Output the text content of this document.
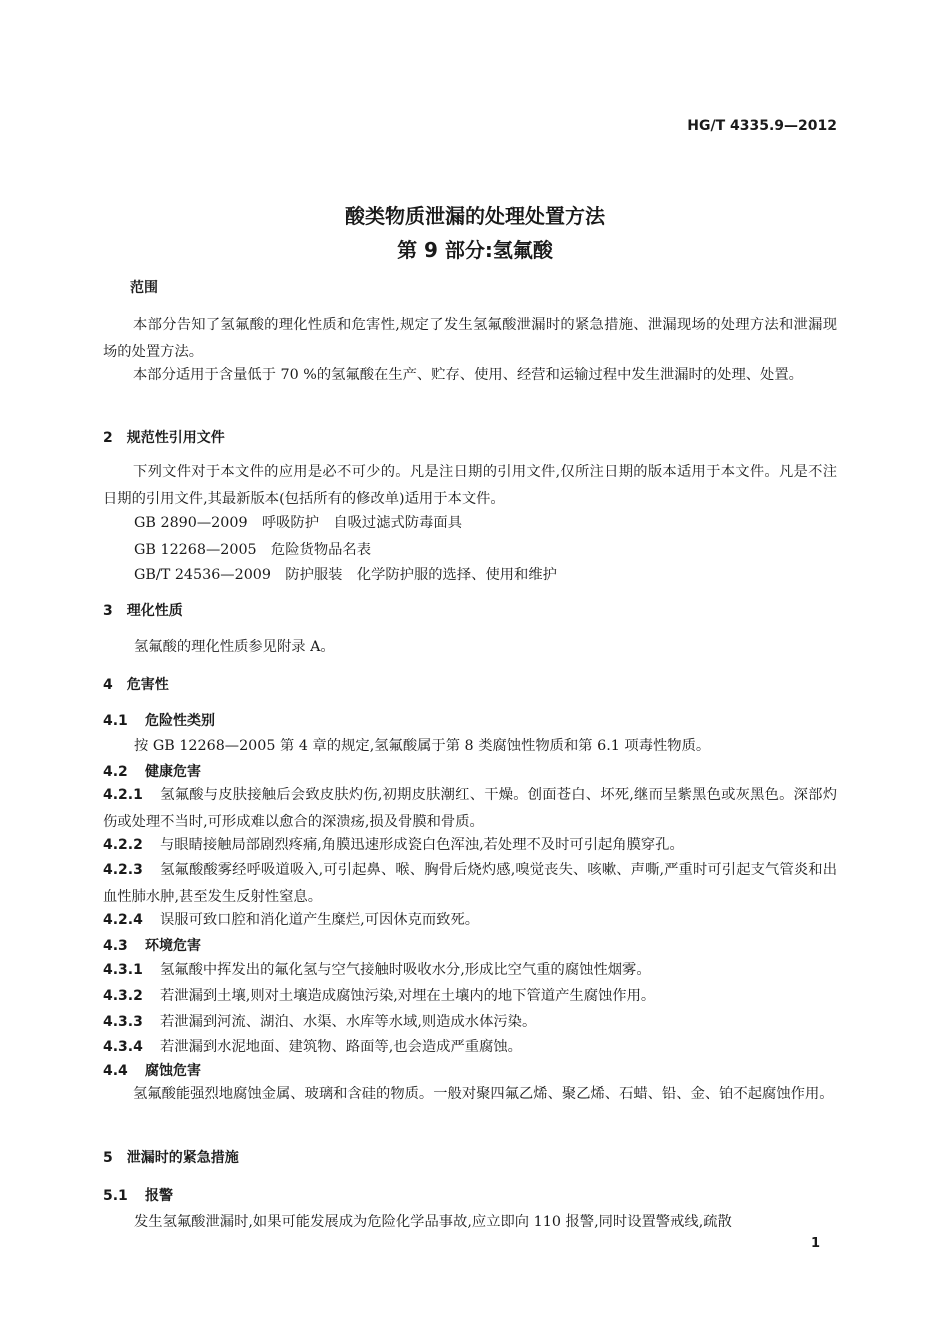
HG/T 4335.9—2012
酸类物质泄漏的处理处置方法
第 9 部分:氢氟酸
范围
本部分告知了氢氟酸的理化性质和危害性,规定了发生氢氟酸泄漏时的紧急措施、泄漏现场的处理方法和泄漏现场的处置方法。
本部分适用于含量低于 70 %的氢氟酸在生产、贮存、使用、经营和运输过程中发生泄漏时的处理、处置。
2　 规范性引用文件
下列文件对于本文件的应用是必不可少的。凡是注日期的引用文件,仅所注日期的版本适用于本文件。凡是不注日期的引用文件,其最新版本(包括所有的修改单)适用于本文件。
GB 2890—2009　呼吸防护　自吸过滤式防毒面具
GB 12268—2005　危险货物品名表
GB/T 24536—2009　防护服装　化学防护服的选择、使用和维护
3　 理化性质
氢氟酸的理化性质参见附录 A。
4　 危害性
4.1 危险性类别
按 GB 12268—2005 第 4 章的规定,氢氟酸属于第 8 类腐蚀性物质和第 6.1 项毒性物质。
4.2 健康危害
4.2.1 氢氟酸与皮肤接触后会致皮肤灼伤,初期皮肤潮红、干燥。创面苍白、坏死,继而呈紫黑色或灰黑色。深部灼伤或处理不当时,可形成难以愈合的深溃疡,损及骨膜和骨质。
4.2.2 与眼睛接触局部剧烈疼痛,角膜迅速形成瓷白色浑浊,若处理不及时可引起角膜穿孔。
4.2.3 氢氟酸酸雾经呼吸道吸入,可引起鼻、喉、胸骨后烧灼感,嗅觉丧失、咳嗽、声嘶,严重时可引起支气管炎和出血性肺水肿,甚至发生反射性窒息。
4.2.4 误服可致口腔和消化道产生糜烂,可因休克而致死。
4.3 环境危害
4.3.1 氢氟酸中挥发出的氟化氢与空气接触时吸收水分,形成比空气重的腐蚀性烟雾。
4.3.2 若泄漏到土壤,则对土壤造成腐蚀污染,对埋在土壤内的地下管道产生腐蚀作用。
4.3.3 若泄漏到河流、湖泊、水渠、水库等水域,则造成水体污染。
4.3.4 若泄漏到水泥地面、建筑物、路面等,也会造成严重腐蚀。
4.4 腐蚀危害
氢氟酸能强烈地腐蚀金属、玻璃和含硅的物质。一般对聚四氟乙烯、聚乙烯、石蜡、铅、金、铂不起腐蚀作用。
5　 泄漏时的紧急措施
5.1 报警
发生氢氟酸泄漏时,如果可能发展成为危险化学品事故,应立即向 110 报警,同时设置警戒线,疏散
1
